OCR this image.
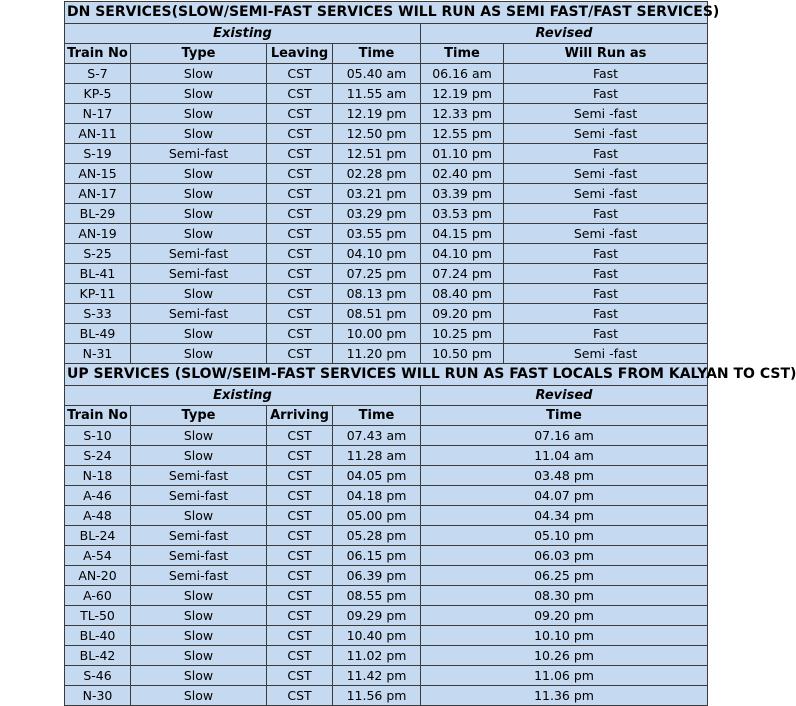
DN SERVICES(SLOW/SEMI-FAST SERVICES WILL RUN AS SEMI FAST/FAST SERVICES)					
Existing				Revised	
Train No	Type	Leaving	Time	Time	Will Run as
S-7	Slow	CST	05.40 am	06.16 am	Fast
KP-5	Slow	CST	11.55 am	12.19 pm	Fast
N-17	Slow	CST	12.19 pm	12.33 pm	Semi -fast
AN-11	Slow	CST	12.50 pm	12.55 pm	Semi -fast
S-19	Semi-fast	CST	12.51 pm	01.10 pm	Fast
AN-15	Slow	CST	02.28 pm	02.40 pm	Semi -fast
AN-17	Slow	CST	03.21 pm	03.39 pm	Semi -fast
BL-29	Slow	CST	03.29 pm	03.53 pm	Fast
AN-19	Slow	CST	03.55 pm	04.15 pm	Semi -fast
S-25	Semi-fast	CST	04.10 pm	04.10 pm	Fast
BL-41	Semi-fast	CST	07.25 pm	07.24 pm	Fast
KP-11	Slow	CST	08.13 pm	08.40 pm	Fast
S-33	Semi-fast	CST	08.51 pm	09.20 pm	Fast
BL-49	Slow	CST	10.00 pm	10.25 pm	Fast
N-31	Slow	CST	11.20 pm	10.50 pm	Semi -fast
UP SERVICES (SLOW/SEIM-FAST SERVICES WILL RUN AS FAST LOCALS FROM KALYAN TO CST)					
Existing				Revised	
Train No	Type	Arriving	Time	Time	
S-10	Slow	CST	07.43 am	07.16 am	
S-24	Slow	CST	11.28 am	11.04 am	
N-18	Semi-fast	CST	04.05 pm	03.48 pm	
A-46	Semi-fast	CST	04.18 pm	04.07 pm	
A-48	Slow	CST	05.00 pm	04.34 pm	
BL-24	Semi-fast	CST	05.28 pm	05.10 pm	
A-54	Semi-fast	CST	06.15 pm	06.03 pm	
AN-20	Semi-fast	CST	06.39 pm	06.25 pm	
A-60	Slow	CST	08.55 pm	08.30 pm	
TL-50	Slow	CST	09.29 pm	09.20 pm	
BL-40	Slow	CST	10.40 pm	10.10 pm	
BL-42	Slow	CST	11.02 pm	10.26 pm	
S-46	Slow	CST	11.42 pm	11.06 pm	
N-30	Slow	CST	11.56 pm	11.36 pm	
